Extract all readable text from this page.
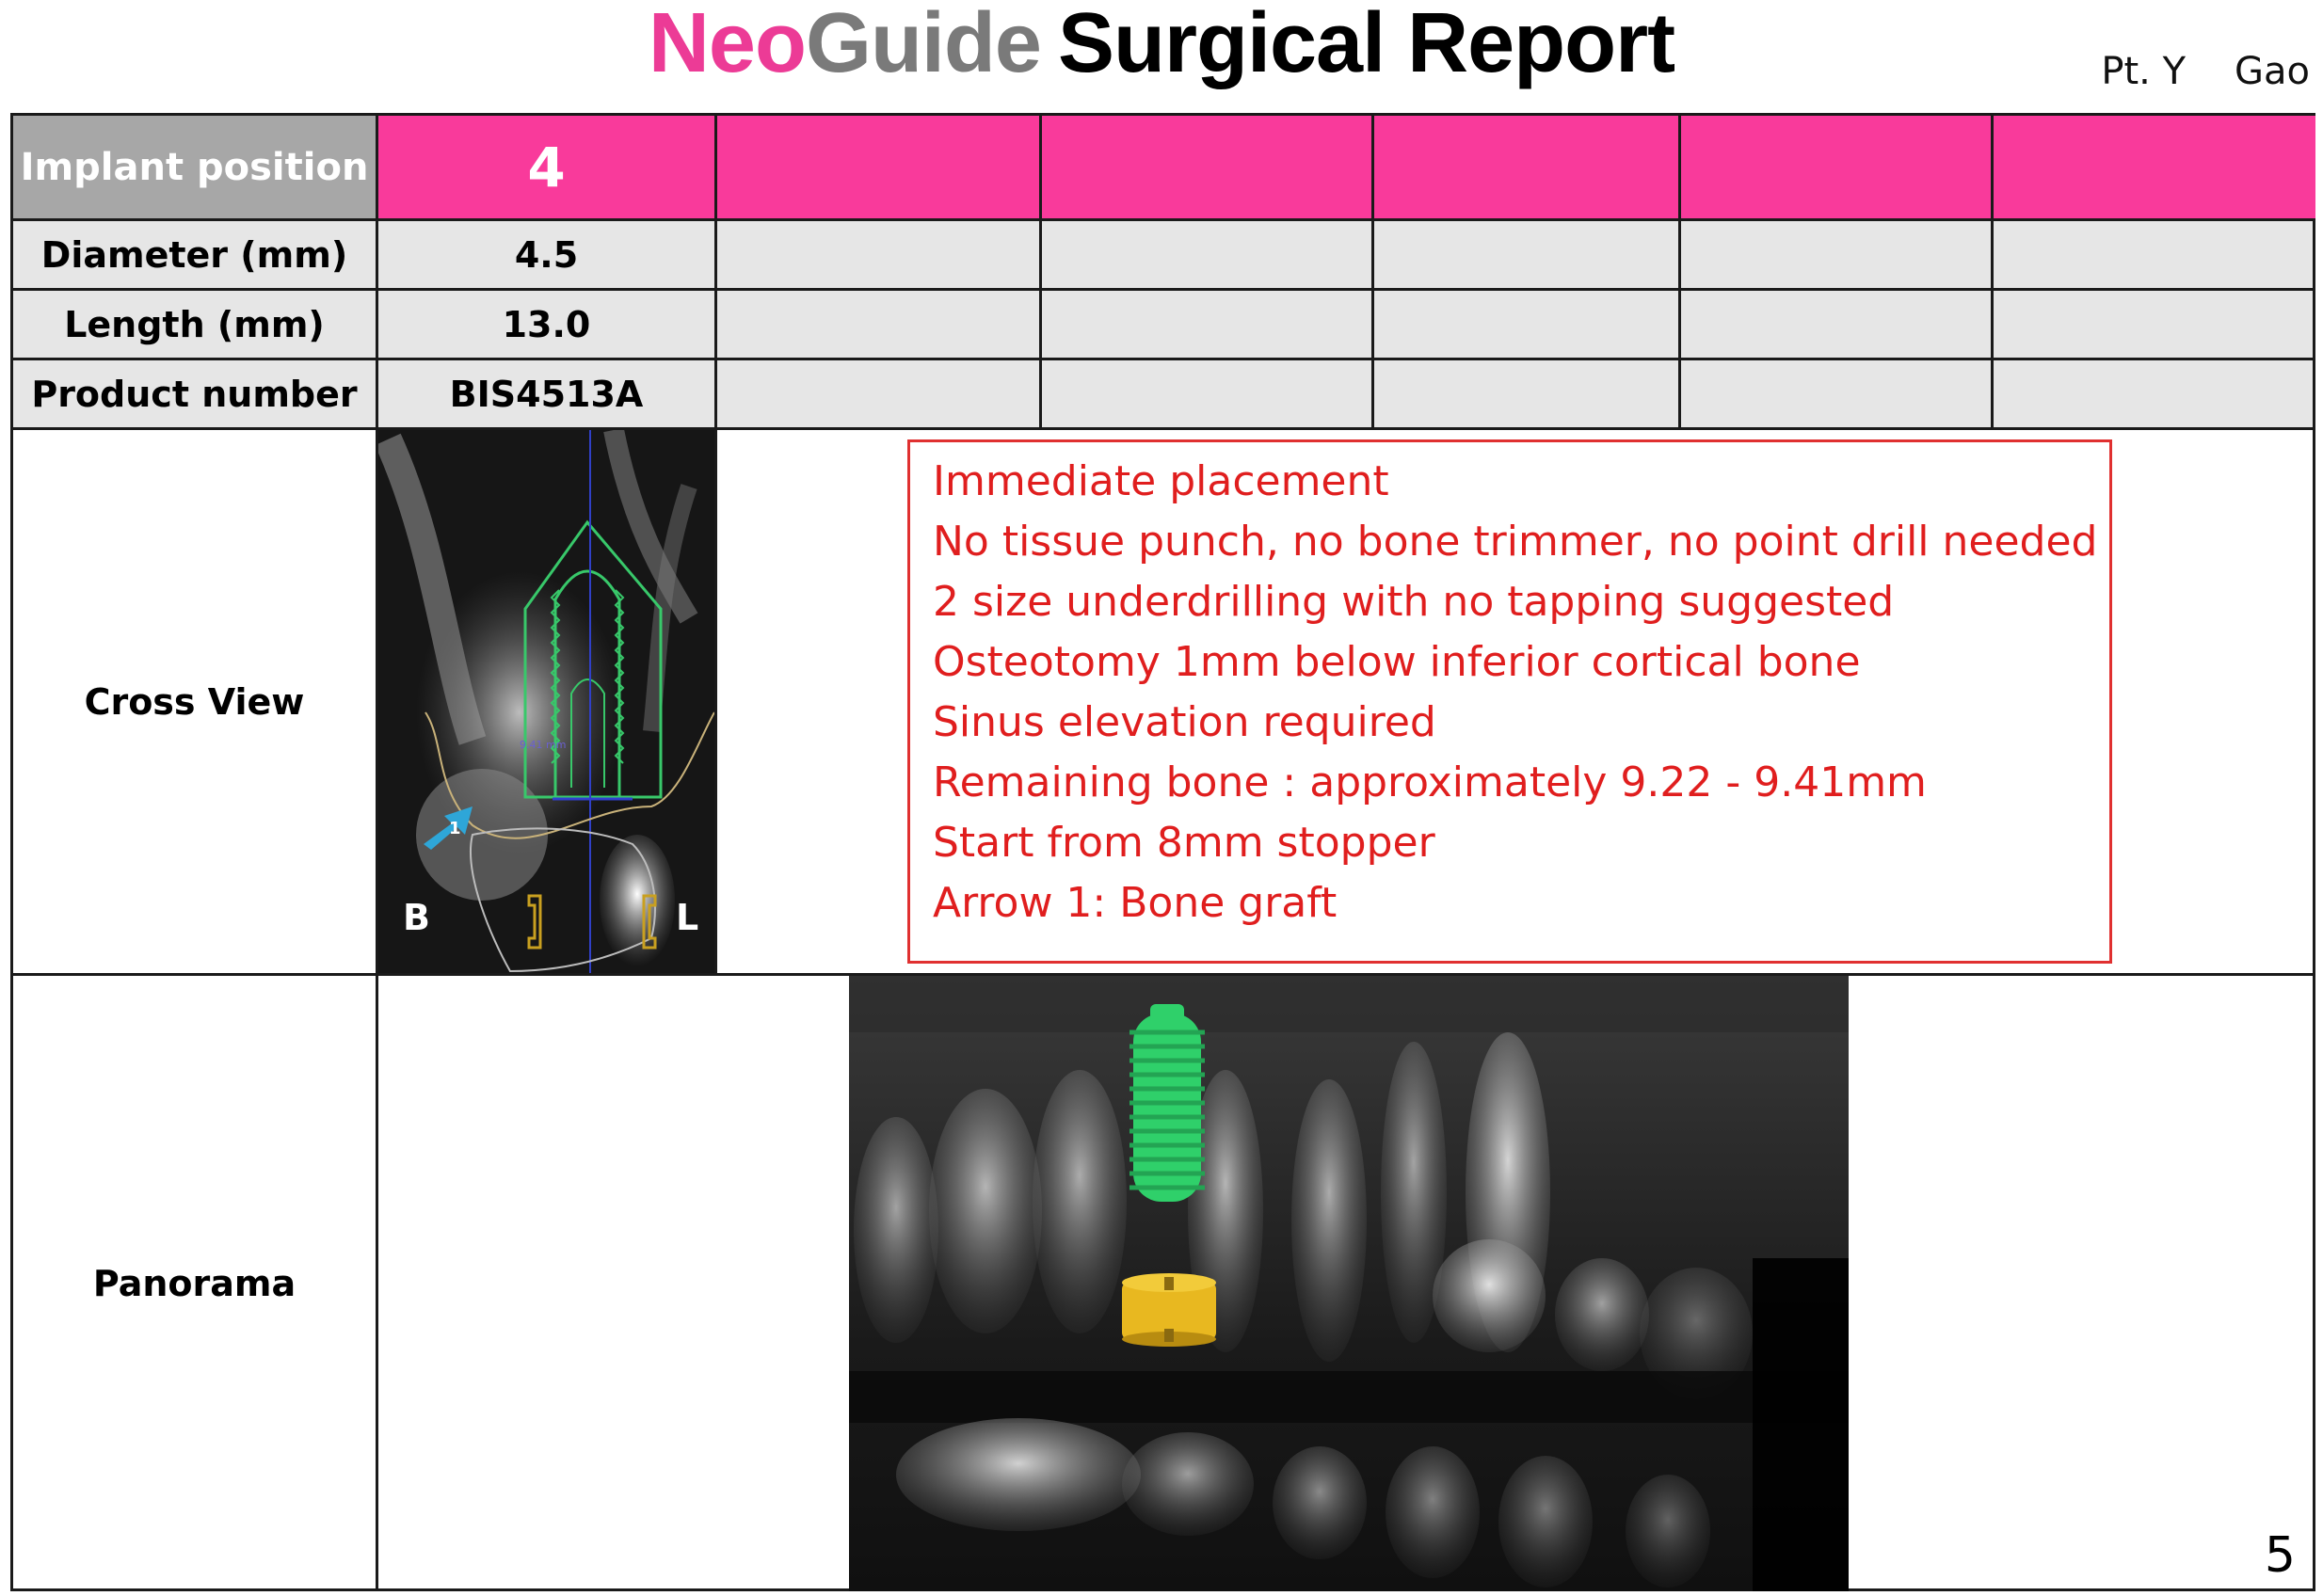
NeoGuide Surgical Report	Pt. Y Gao
Implant position	4
Diameter (mm)	4.5
Length (mm)	13.0
Product number	BIS4513A
Cross View
9.41 mm
1
B	L
Immediate placement
No tissue punch, no bone trimmer, no point drill needed
2 size underdrilling with no tapping suggested
Osteotomy 1mm below inferior cortical bone
Sinus elevation required
Remaining bone : approximately 9.22 - 9.41mm
Start from 8mm stopper
Arrow 1: Bone graft
Panorama
5
